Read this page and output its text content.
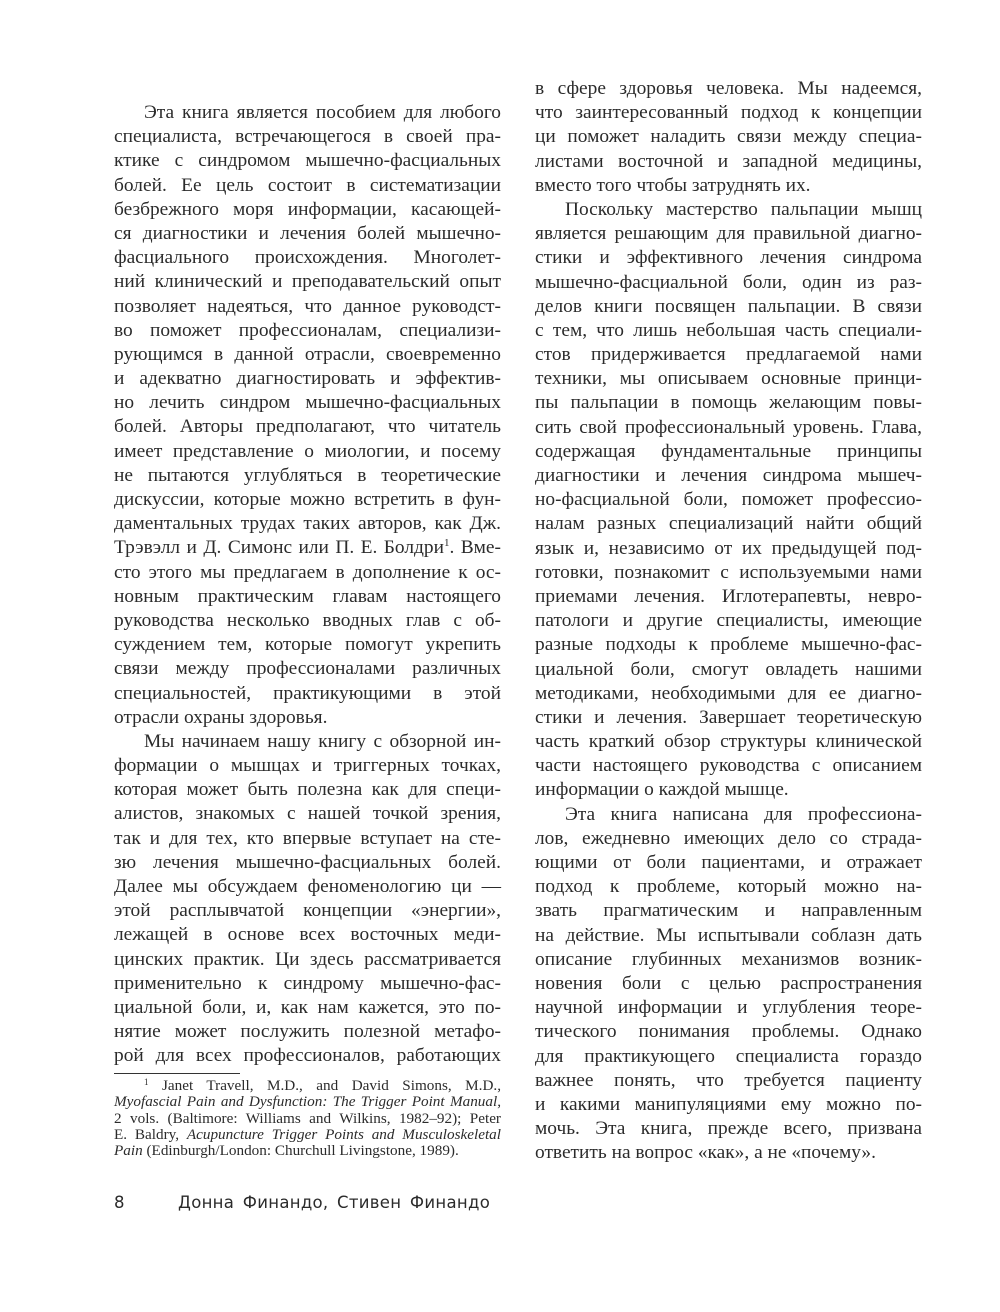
Эта книга является пособием для любого
специалиста, встречающегося в своей пра-
ктике с синдромом мышечно-фасциальных
болей. Ее цель состоит в систематизации
безбрежного моря информации, касающей-
ся диагностики и лечения болей мышечно-
фасциального происхождения. Многолет-
ний клинический и преподавательский опыт
позволяет надеяться, что данное руководст-
во поможет профессионалам, специализи-
рующимся в данной отрасли, своевременно
и адекватно диагностировать и эффектив-
но лечить синдром мышечно-фасциальных
болей. Авторы предполагают, что читатель
имеет представление о миологии, и посему
не пытаются углубляться в теоретические
дискуссии, которые можно встретить в фун-
даментальных трудах таких авторов, как Дж.
Трэвэлл и Д. Симонс или П. Е. Болдри$^1$. Вме-
сто этого мы предлагаем в дополнение к ос-
новным практическим главам настоящего
руководства несколько вводных глав с об-
суждением тем, которые помогут укрепить
связи между профессионалами различных
специальностей, практикующими в этой
отрасли охраны здоровья.
Мы начинаем нашу книгу с обзорной ин-
формации о мышцах и триггерных точках,
которая может быть полезна как для специ-
алистов, знакомых с нашей точкой зрения,
так и для тех, кто впервые вступает на сте-
зю лечения мышечно-фасциальных болей.
Далее мы обсуждаем феноменологию ци —
этой расплывчатой концепции «энергии»,
лежащей в основе всех восточных меди-
цинских практик. Ци здесь рассматривается
применительно к синдрому мышечно-фас-
циальной боли, и, как нам кажется, это по-
нятие может послужить полезной метафо-
рой для всех профессионалов, работающих
в сфере здоровья человека. Мы надеемся,
что заинтересованный подход к концепции
ци поможет наладить связи между специа-
листами восточной и западной медицины,
вместо того чтобы затруднять их.
Поскольку мастерство пальпации мышц
является решающим для правильной диагно-
стики и эффективного лечения синдрома
мышечно-фасциальной боли, один из раз-
делов книги посвящен пальпации. В связи
с тем, что лишь небольшая часть специали-
стов придерживается предлагаемой нами
техники, мы описываем основные принци-
пы пальпации в помощь желающим повы-
сить свой профессиональный уровень. Глава,
содержащая фундаментальные принципы
диагностики и лечения синдрома мышеч-
но-фасциальной боли, поможет профессио-
налам разных специализаций найти общий
язык и, независимо от их предыдущей под-
готовки, познакомит с используемыми нами
приемами лечения. Иглотерапевты, невро-
патологи и другие специалисты, имеющие
разные подходы к проблеме мышечно-фас-
циальной боли, смогут овладеть нашими
методиками, необходимыми для ее диагно-
стики и лечения. Завершает теоретическую
часть краткий обзор структуры клинической
части настоящего руководства с описанием
информации о каждой мышце.
Эта книга написана для профессиона-
лов, ежедневно имеющих дело со страда-
ющими от боли пациентами, и отражает
подход к проблеме, который можно на-
звать прагматическим и направленным
на действие. Мы испытывали соблазн дать
описание глубинных механизмов возник-
новения боли с целью распространения
научной информации и углубления теоре-
тического понимания проблемы. Однако
для практикующего специалиста гораздо
важнее понять, что требуется пациенту
и какими манипуляциями ему можно по-
мочь. Эта книга, прежде всего, призвана
ответить на вопрос «как», а не «почему».
$^1$ Janet Travell, M.D., and David Simons, M.D.,
Myofascial Pain and Dysfunction: The Trigger Point Manual,
2 vols. (Baltimore: Williams and Wilkins, 1982–92); Peter
E. Baldry, Acupuncture Trigger Points and Musculoskeletal
Pain (Edinburgh/London: Churchull Livingstone, 1989).
8	Донна Финандо, Стивен Финандо
